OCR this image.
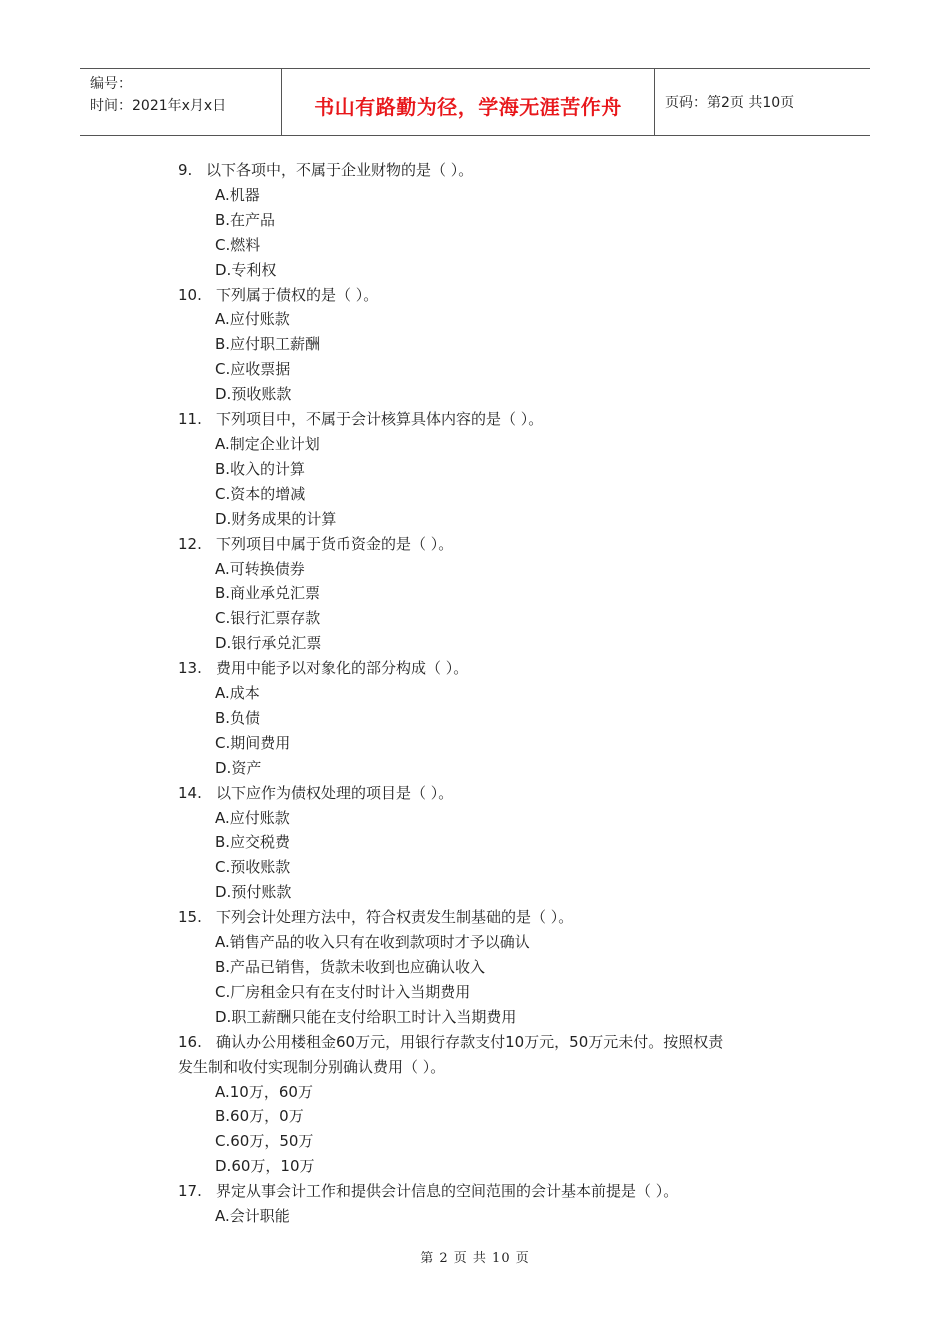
编号：
时间：2021年x月x日	书山有路勤为径，学海无涯苦作舟	页码：第2页 共10页
9. 以下各项中，不属于企业财物的是（ ）。
A.机器
B.在产品
C.燃料
D.专利权
10. 下列属于债权的是（ ）。
A.应付账款
B.应付职工薪酬
C.应收票据
D.预收账款
11. 下列项目中，不属于会计核算具体内容的是（ ）。
A.制定企业计划
B.收入的计算
C.资本的增减
D.财务成果的计算
12. 下列项目中属于货币资金的是（ ）。
A.可转换债券
B.商业承兑汇票
C.银行汇票存款
D.银行承兑汇票
13. 费用中能予以对象化的部分构成（ ）。
A.成本
B.负债
C.期间费用
D.资产
14. 以下应作为债权处理的项目是（ ）。
A.应付账款
B.应交税费
C.预收账款
D.预付账款
15. 下列会计处理方法中，符合权责发生制基础的是（ ）。
A.销售产品的收入只有在收到款项时才予以确认
B.产品已销售，货款未收到也应确认收入
C.厂房租金只有在支付时计入当期费用
D.职工薪酬只能在支付给职工时计入当期费用
16. 确认办公用楼租金60万元，用银行存款支付10万元，50万元未付。按照权责
发生制和收付实现制分别确认费用（ ）。
A.10万，60万
B.60万，0万
C.60万，50万
D.60万，10万
17. 界定从事会计工作和提供会计信息的空间范围的会计基本前提是（ ）。
A.会计职能
第 2 页 共 10 页
